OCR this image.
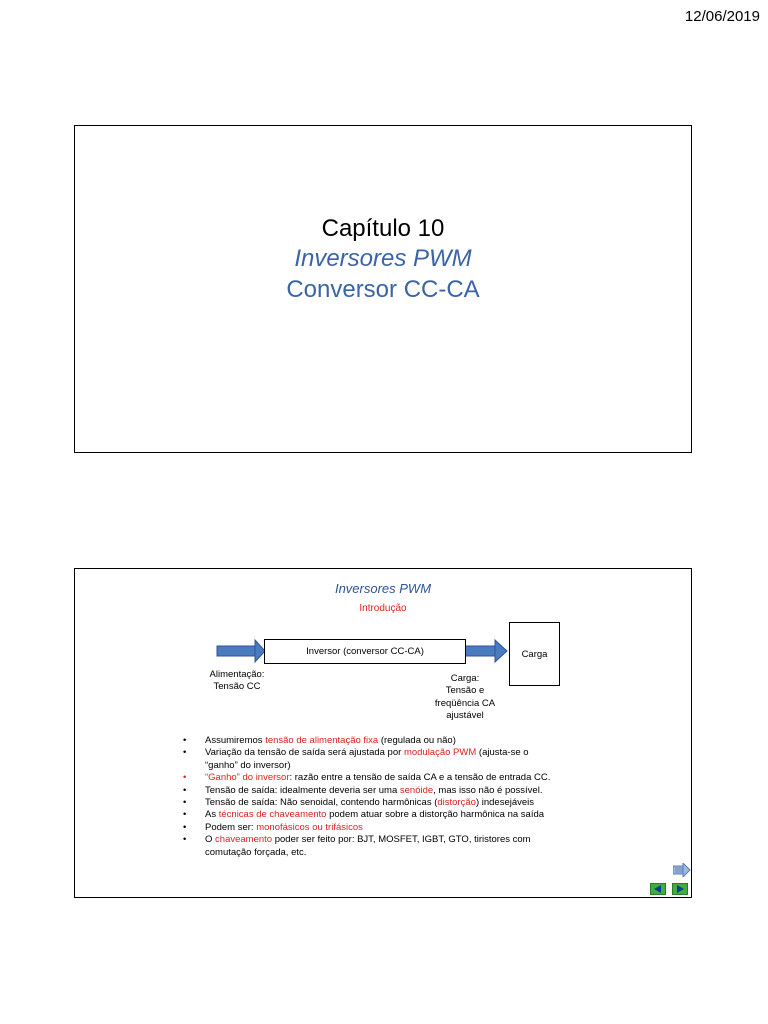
12/06/2019
Capítulo 10
Inversores PWM
Conversor CC-CA
Inversores PWM
Introdução
Inversor (conversor CC-CA)	Carga
Alimentação:
Tensão CC
Carga:
Tensão e
freqüência CA
ajustável
• Assumiremos tensão de alimentação fixa (regulada ou não)
• Variação da tensão de saída será ajustada por modulação PWM (ajusta-se o
“ganho” do inversor)
• “Ganho” do inversor: razão entre a tensão de saída CA e a tensão de entrada CC.
• Tensão de saída: idealmente deveria ser uma senóide, mas isso não é possível.
• Tensão de saída: Não senoidal, contendo harmônicas (distorção) indesejáveis
• As técnicas de chaveamento podem atuar sobre a distorção harmônica na saída
• Podem ser: monofásicos ou trifásicos
• O chaveamento poder ser feito por: BJT, MOSFET, IGBT, GTO, tiristores com
comutação forçada, etc.
